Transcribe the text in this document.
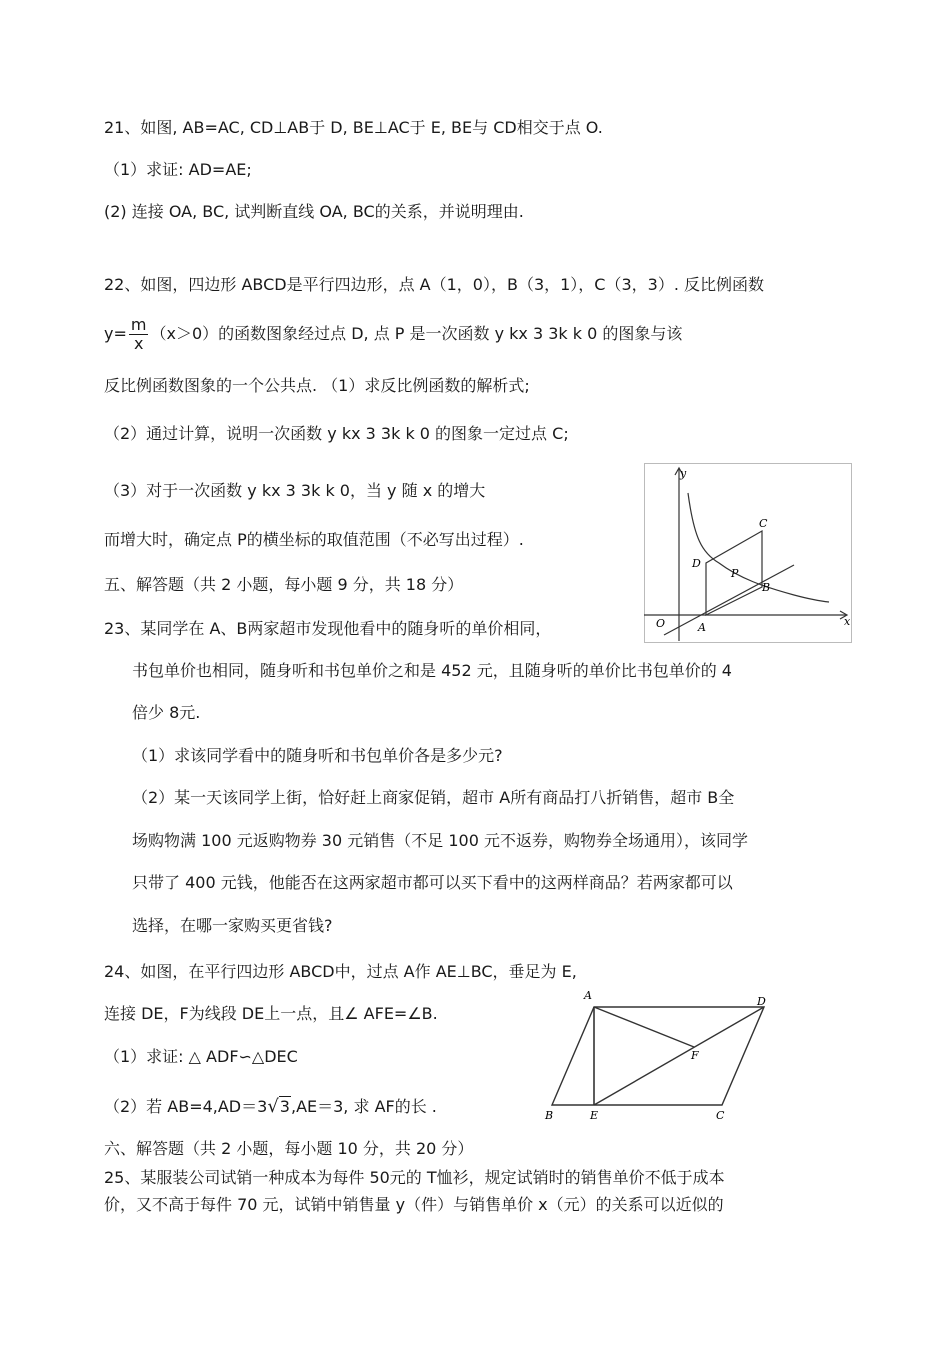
21、如图, AB=AC, CD⊥AB于 D, BE⊥AC于 E, BE与 CD相交于点 O.
（1）求证: AD=AE;
(2) 连接 OA, BC, 试判断直线 OA, BC的关系，并说明理由.
22、如图，四边形 ABCD是平行四边形，点 A（1，0），B（3，1），C（3，3）. 反比例函数
$y= \frac{m}{x} (x>0)$的函数图象经过点 D, 点 P 是一次函数 y kx 3 3k k 0 的图象与该
反比例函数图象的一个公共点. （1）求反比例函数的解析式;
（2）通过计算，说明一次函数 y kx 3 3k k 0 的图象一定过点 C;
（3）对于一次函数 y kx 3 3k k 0，当 y 随 x 的增大
而增大时，确定点 P的横坐标的取值范围（不必写出过程）.
五、解答题（共 2 小题，每小题 9 分，共 18 分）
23、某同学在 A、B两家超市发现他看中的随身听的单价相同，
书包单价也相同，随身听和书包单价之和是 452 元，且随身听的单价比书包单价的 4
倍少 8元.
（1）求该同学看中的随身听和书包单价各是多少元?
（2）某一天该同学上街，恰好赶上商家促销，超市 A所有商品打八折销售，超市 B全
场购物满 100 元返购物券 30 元销售（不足 100 元不返券，购物券全场通用），该同学
只带了 400 元钱，他能否在这两家超市都可以买下看中的这两样商品？若两家都可以
选择，在哪一家购买更省钱?
24、如图，在平行四边形 ABCD中，过点 A作 AE⊥BC，垂足为 E,
连接 DE，F为线段 DE上一点，且∠ AFE=∠B.
（1）求证: △ ADF∽△DEC
（2）若 AB=4,AD＝3√3,AE＝3, 求 AF的长 .
六、解答题（共 2 小题，每小题 10 分，共 20 分）
25、某服装公司试销一种成本为每件 50元的 T恤衫，规定试销时的销售单价不低于成本
价，又不高于每件 70 元，试销中销售量 y（件）与销售单价 x（元）的关系可以近似的
y
x
O	A
B
C
D
P
A
B	C
D
E
F
